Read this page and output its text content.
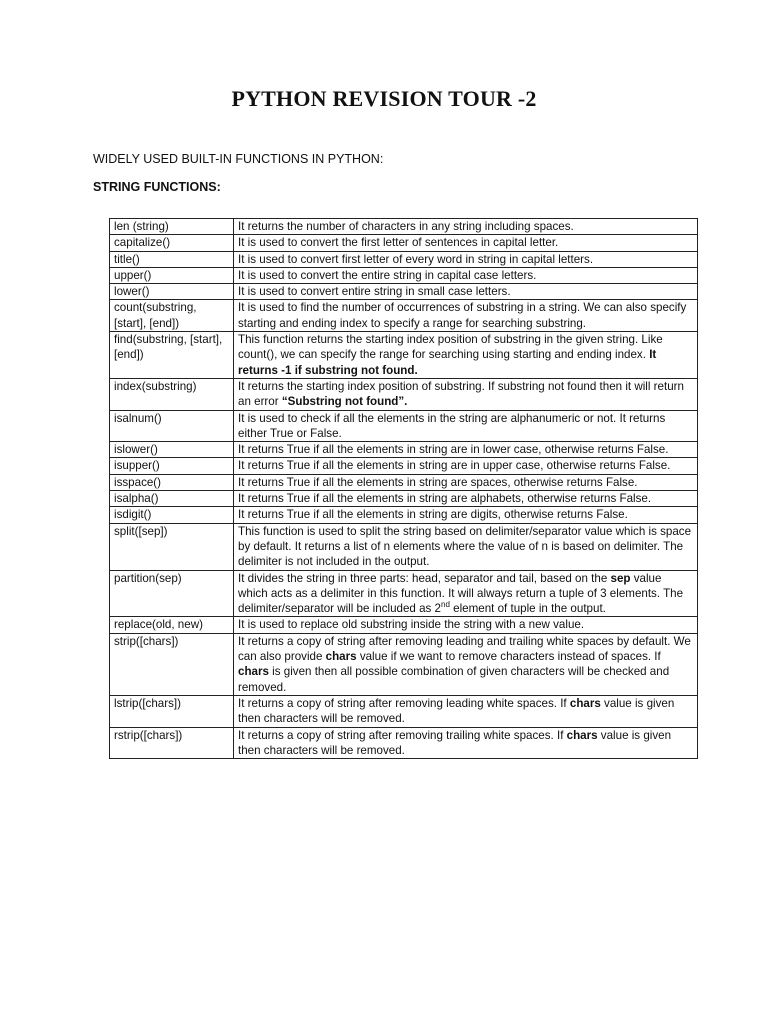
PYTHON REVISION TOUR -2

WIDELY USED BUILT-IN FUNCTIONS IN PYTHON:

STRING FUNCTIONS:

len (string)	It returns the number of characters in any string including spaces.
capitalize()	It is used to convert the first letter of sentences in capital letter.
title()	It is used to convert first letter of every word in string in capital letters.
upper()	It is used to convert the entire string in capital case letters.
lower()	It is used to convert entire string in small case letters.
count(substring, [start], [end])	It is used to find the number of occurrences of substring in a string. We can also specify starting and ending index to specify a range for searching substring.
find(substring, [start],[end])	This function returns the starting index position of substring in the given string. Like count(), we can specify the range for searching using starting and ending index. It returns -1 if substring not found.
index(substring)	It returns the starting index position of substring. If substring not found then it will return an error “Substring not found”.
isalnum()	It is used to check if all the elements in the string are alphanumeric or not. It returns either True or False.
islower()	It returns True if all the elements in string are in lower case, otherwise returns False.
isupper()	It returns True if all the elements in string are in upper case, otherwise returns False.
isspace()	It returns True if all the elements in string are spaces, otherwise returns False.
isalpha()	It returns True if all the elements in string are alphabets, otherwise returns False.
isdigit()	It returns True if all the elements in string are digits, otherwise returns False.
split([sep])	This function is used to split the string based on delimiter/separator value which is space by default. It returns a list of n elements where the value of n is based on delimiter. The delimiter is not included in the output.
partition(sep)	It divides the string in three parts: head, separator and tail, based on the sep value which acts as a delimiter in this function. It will always return a tuple of 3 elements. The delimiter/separator will be included as 2nd element of tuple in the output.
replace(old, new)	It is used to replace old substring inside the string with a new value.
strip([chars])	It returns a copy of string after removing leading and trailing white spaces by default. We can also provide chars value if we want to remove characters instead of spaces. If chars is given then all possible combination of given characters will be checked and removed.
lstrip([chars])	It returns a copy of string after removing leading white spaces. If chars value is given then characters will be removed.
rstrip([chars])	It returns a copy of string after removing trailing white spaces. If chars value is given then characters will be removed.
